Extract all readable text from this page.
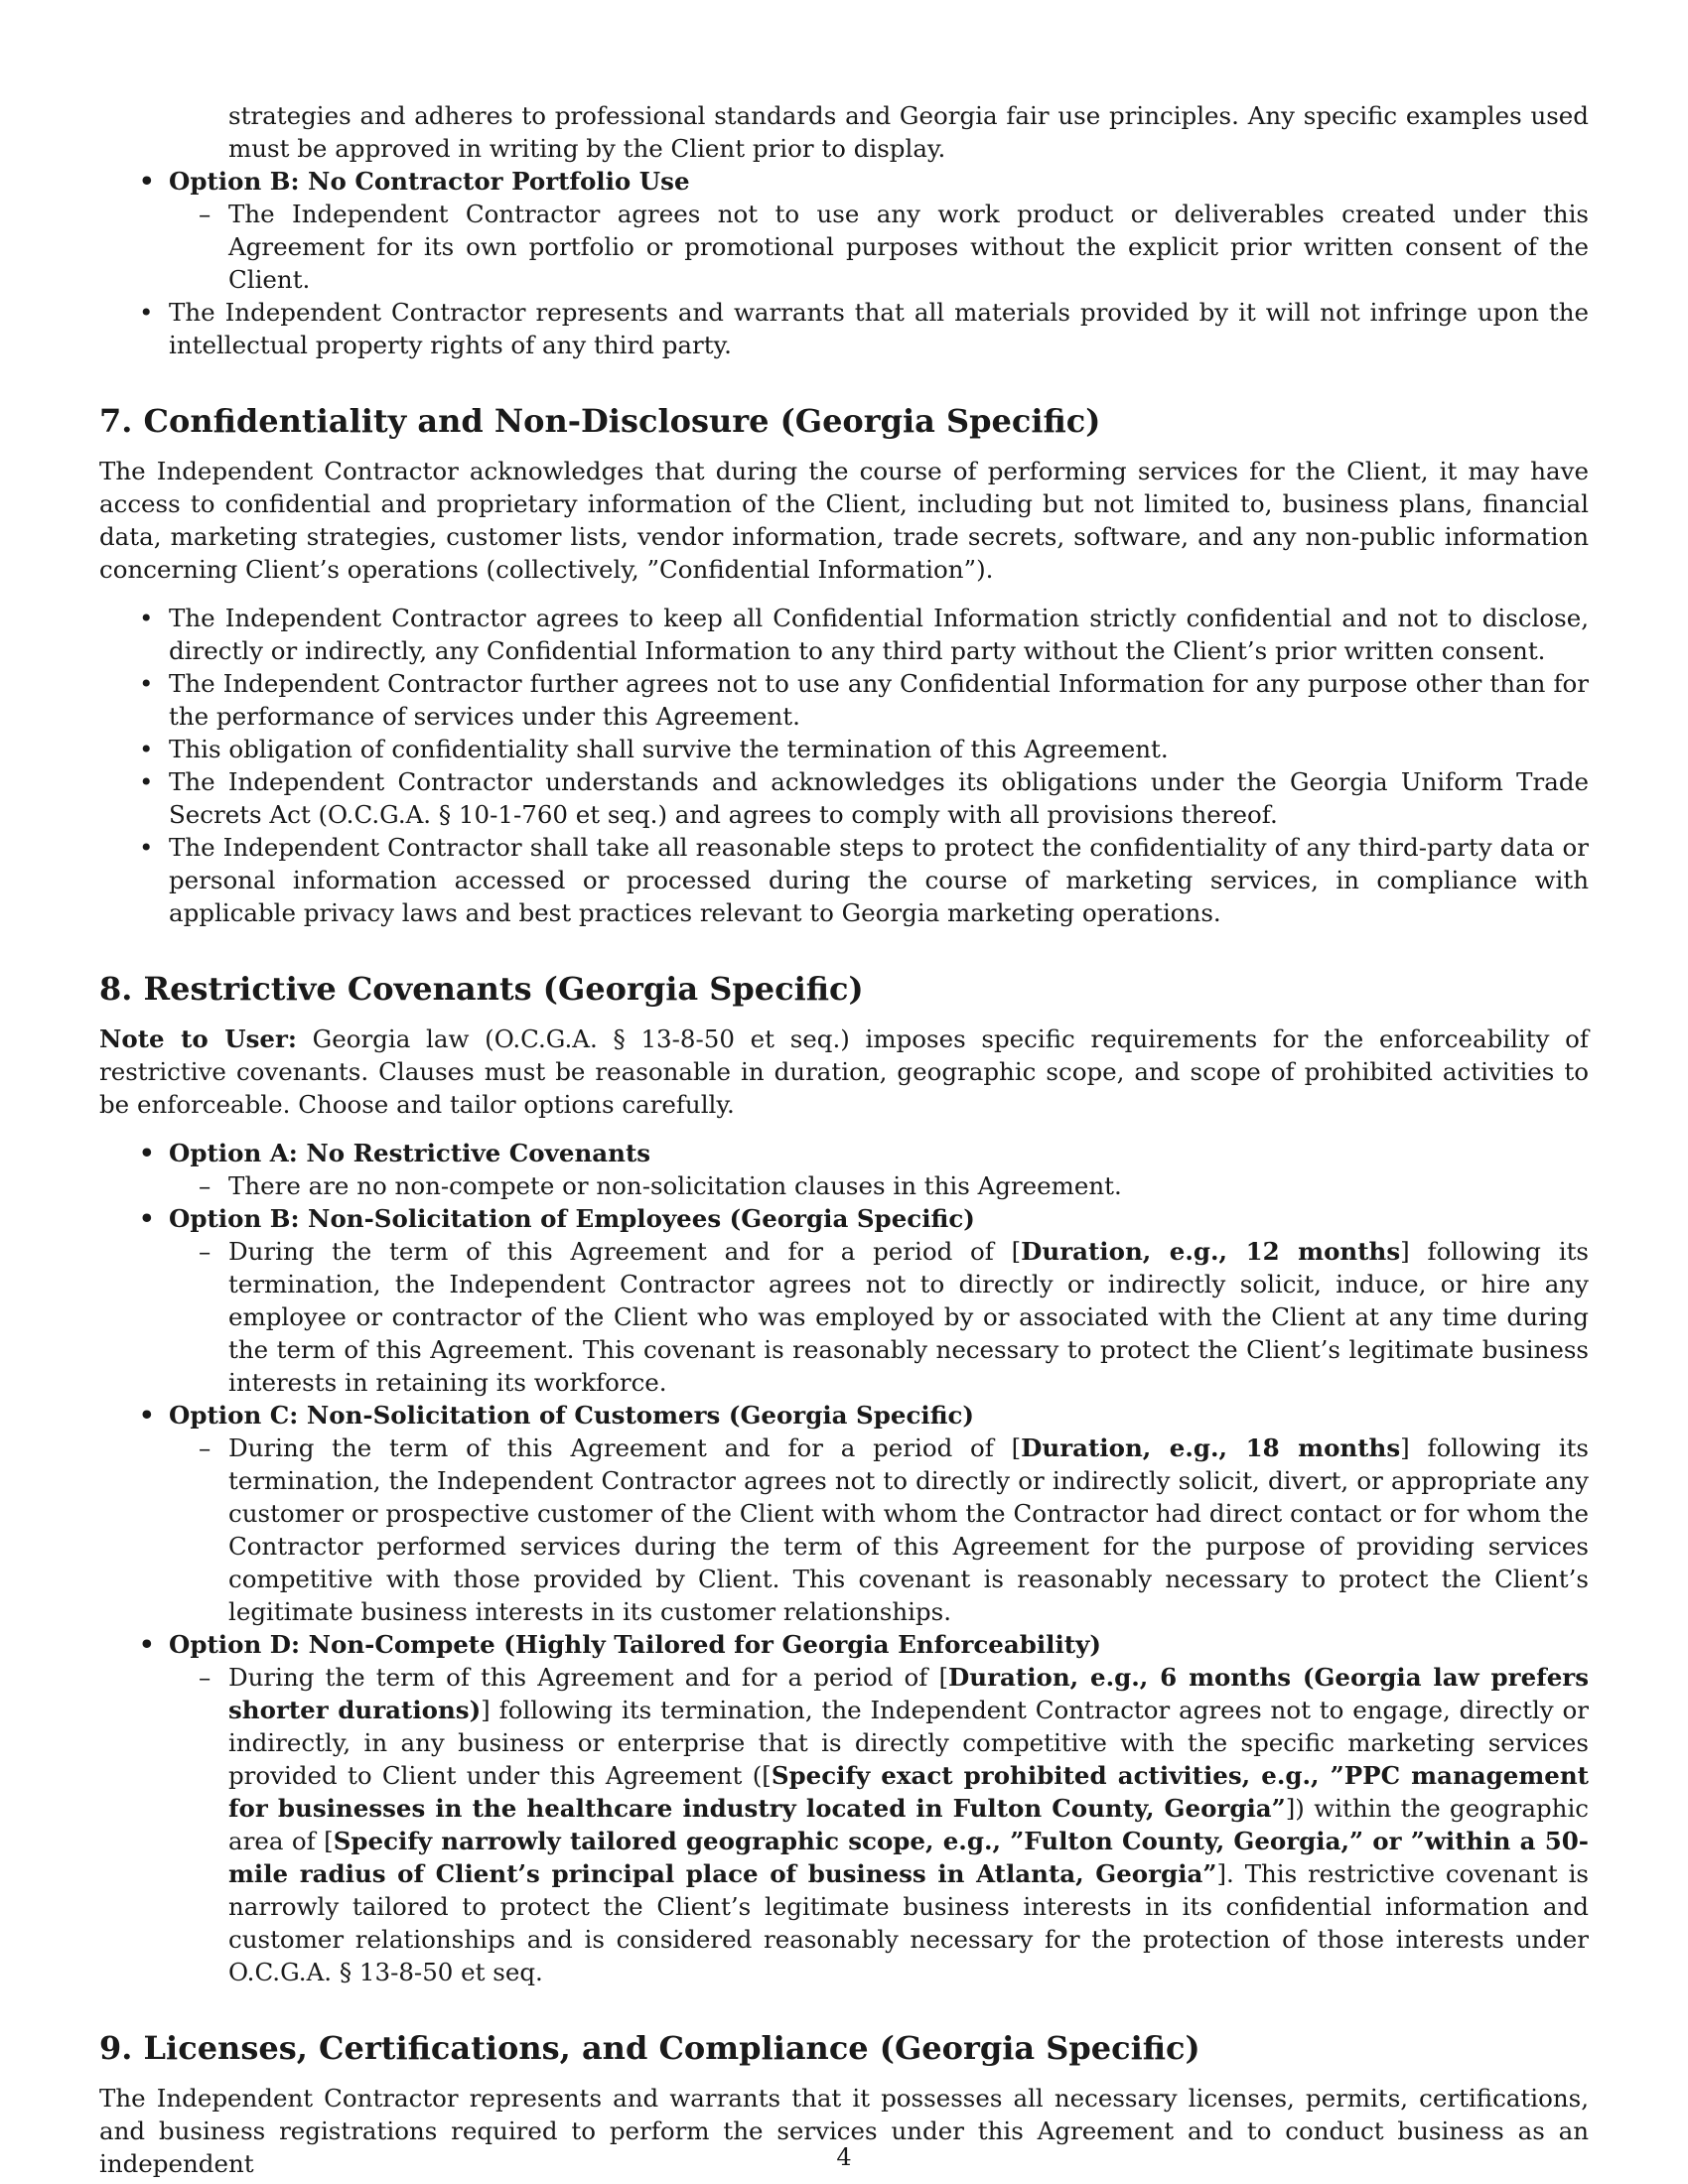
strategies and adheres to professional standards and Georgia fair use principles. Any specific examples used must be approved in writing by the Client prior to display.

• Option B: No Contractor Portfolio Use
– The Independent Contractor agrees not to use any work product or deliverables created under this Agreement for its own portfolio or promotional purposes without the explicit prior written consent of the Client.
• The Independent Contractor represents and warrants that all materials provided by it will not infringe upon the intellectual property rights of any third party.
7. Confidentiality and Non-Disclosure (Georgia Specific)

The Independent Contractor acknowledges that during the course of performing services for the Client, it may have access to confidential and proprietary information of the Client, including but not limited to, business plans, financial data, marketing strategies, customer lists, vendor information, trade secrets, software, and any non-public information concerning Client’s operations (collectively, ”Confidential Information”).

• The Independent Contractor agrees to keep all Confidential Information strictly confidential and not to disclose, directly or indirectly, any Confidential Information to any third party without the Client’s prior written consent.
• The Independent Contractor further agrees not to use any Confidential Information for any purpose other than for the performance of services under this Agreement.
• This obligation of confidentiality shall survive the termination of this Agreement.
• The Independent Contractor understands and acknowledges its obligations under the Georgia Uniform Trade Secrets Act (O.C.G.A. § 10-1-760 et seq.) and agrees to comply with all provisions thereof.
• The Independent Contractor shall take all reasonable steps to protect the confidentiality of any third-party data or personal information accessed or processed during the course of marketing services, in compliance with applicable privacy laws and best practices relevant to Georgia marketing operations.
8. Restrictive Covenants (Georgia Specific)

Note to User: Georgia law (O.C.G.A. § 13-8-50 et seq.) imposes specific requirements for the enforceability of restrictive covenants. Clauses must be reasonable in duration, geographic scope, and scope of prohibited activities to be enforceable. Choose and tailor options carefully.

• Option A: No Restrictive Covenants
– There are no non-compete or non-solicitation clauses in this Agreement.
• Option B: Non-Solicitation of Employees (Georgia Specific)
– During the term of this Agreement and for a period of [Duration, e.g., 12 months] following its termination, the Independent Contractor agrees not to directly or indirectly solicit, induce, or hire any employee or contractor of the Client who was employed by or associated with the Client at any time during the term of this Agreement. This covenant is reasonably necessary to protect the Client’s legitimate business interests in retaining its workforce.
• Option C: Non-Solicitation of Customers (Georgia Specific)
– During the term of this Agreement and for a period of [Duration, e.g., 18 months] following its termination, the Independent Contractor agrees not to directly or indirectly solicit, divert, or appropriate any customer or prospective customer of the Client with whom the Contractor had direct contact or for whom the Contractor performed services during the term of this Agreement for the purpose of providing services competitive with those provided by Client. This covenant is reasonably necessary to protect the Client’s legitimate business interests in its customer relationships.
• Option D: Non-Compete (Highly Tailored for Georgia Enforceability)
– During the term of this Agreement and for a period of [Duration, e.g., 6 months (Georgia law prefers shorter durations)] following its termination, the Independent Contractor agrees not to engage, directly or indirectly, in any business or enterprise that is directly competitive with the specific marketing services provided to Client under this Agreement ([Specify exact prohibited activities, e.g., ”PPC management for businesses in the healthcare industry located in Fulton County, Georgia”]) within the geographic area of [Specify narrowly tailored geographic scope, e.g., ”Fulton County, Georgia,” or ”within a 50-mile radius of Client’s principal place of business in Atlanta, Georgia”]. This restrictive covenant is narrowly tailored to protect the Client’s legitimate business interests in its confidential information and customer relationships and is considered reasonably necessary for the protection of those interests under O.C.G.A. § 13-8-50 et seq.
9. Licenses, Certifications, and Compliance (Georgia Specific)

The Independent Contractor represents and warrants that it possesses all necessary licenses, permits, certifications, and business registrations required to perform the services under this Agreement and to conduct business as an independent	4
